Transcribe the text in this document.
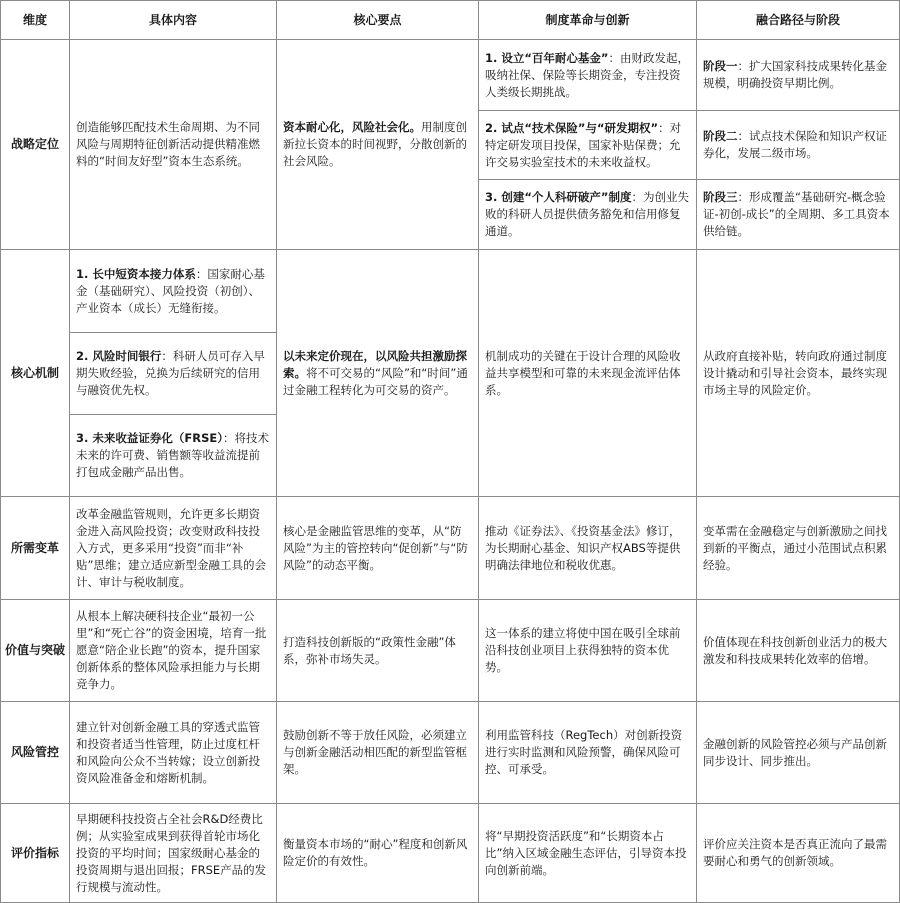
维度	具体内容	核心要点	制度革命与创新	融合路径与阶段
战略定位	创造能够匹配技术生命周期、为不同风险与周期特征创新活动提供精准燃料的“时间友好型”资本生态系统。	资本耐心化，风险社会化。用制度创新拉长资本的时间视野，分散创新的社会风险。	1. 设立“百年耐心基金”：由财政发起，吸纳社保、保险等长期资金，专注投资人类级长期挑战。	阶段一：扩大国家科技成果转化基金规模，明确投资早期比例。
			2. 试点“技术保险”与“研发期权”：对特定研发项目投保，国家补贴保费；允许交易实验室技术的未来收益权。	阶段二：试点技术保险和知识产权证券化，发展二级市场。
			3. 创建“个人科研破产”制度：为创业失败的科研人员提供债务豁免和信用修复通道。	阶段三：形成覆盖“基础研究-概念验证-初创-成长”的全周期、多工具资本供给链。
核心机制	1. 长中短资本接力体系：国家耐心基金（基础研究）、风险投资（初创）、产业资本（成长）无缝衔接。	以未来定价现在，以风险共担激励探索。将不可交易的“风险”和“时间”通过金融工程转化为可交易的资产。	机制成功的关键在于设计合理的风险收益共享模型和可靠的未来现金流评估体系。	从政府直接补贴，转向政府通过制度设计撬动和引导社会资本，最终实现市场主导的风险定价。
	2. 风险时间银行：科研人员可存入早期失败经验，兑换为后续研究的信用与融资优先权。			
	3. 未来收益证券化（FRSE）：将技术未来的许可费、销售额等收益流提前打包成金融产品出售。			
所需变革	改革金融监管规则，允许更多长期资金进入高风险投资；改变财政科技投入方式，更多采用“投资”而非“补贴”思维；建立适应新型金融工具的会计、审计与税收制度。	核心是金融监管思维的变革，从“防风险”为主的管控转向“促创新”与“防风险”的动态平衡。	推动《证券法》、《投资基金法》修订，为长期耐心基金、知识产权ABS等提供明确法律地位和税收优惠。	变革需在金融稳定与创新激励之间找到新的平衡点，通过小范围试点积累经验。
价值与突破	从根本上解决硬科技企业“最初一公里”和“死亡谷”的资金困境，培育一批愿意“陪企业长跑”的资本，提升国家创新体系的整体风险承担能力与长期竞争力。	打造科技创新版的“政策性金融”体系，弥补市场失灵。	这一体系的建立将使中国在吸引全球前沿科技创业项目上获得独特的资本优势。	价值体现在科技创新创业活力的极大激发和科技成果转化效率的倍增。
风险管控	建立针对创新金融工具的穿透式监管和投资者适当性管理，防止过度杠杆和风险向公众不当转嫁；设立创新投资风险准备金和熔断机制。	鼓励创新不等于放任风险，必须建立与创新金融活动相匹配的新型监管框架。	利用监管科技（RegTech）对创新投资进行实时监测和风险预警，确保风险可控、可承受。	金融创新的风险管控必须与产品创新同步设计、同步推出。
评价指标	早期硬科技投资占全社会R&D经费比例；从实验室成果到获得首轮市场化投资的平均时间；国家级耐心基金的投资周期与退出回报；FRSE产品的发行规模与流动性。	衡量资本市场的“耐心”程度和创新风险定价的有效性。	将“早期投资活跃度”和“长期资本占比”纳入区域金融生态评估，引导资本投向创新前端。	评价应关注资本是否真正流向了最需要耐心和勇气的创新领域。
